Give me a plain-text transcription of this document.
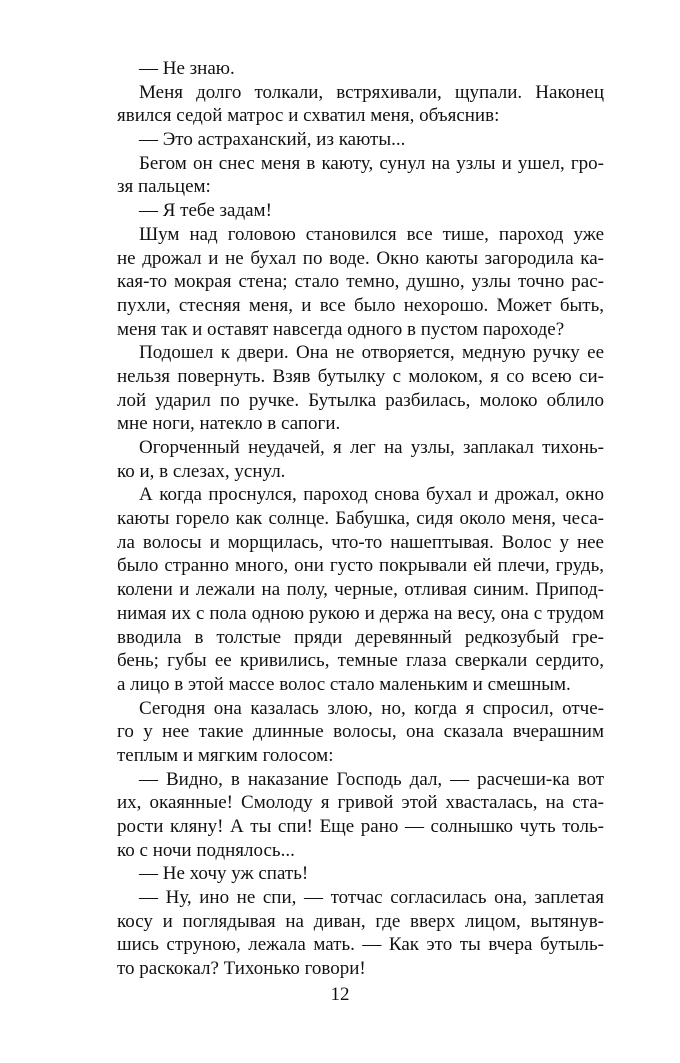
— Не знаю.
Меня долго толкали, встряхивали, щупали. Наконец
явился седой матрос и схватил меня, объяснив:
— Это астраханский, из каюты...
Бегом он снес меня в каюту, сунул на узлы и ушел, гро-
зя пальцем:
— Я тебе задам!
Шум над головою становился все тише, пароход уже
не дрожал и не бухал по воде. Окно каюты загородила ка-
кая-то мокрая стена; стало темно, душно, узлы точно рас-
пухли, стесняя меня, и все было нехорошо. Может быть,
меня так и оставят навсегда одного в пустом пароходе?
Подошел к двери. Она не отворяется, медную ручку ее
нельзя повернуть. Взяв бутылку с молоком, я со всею си-
лой ударил по ручке. Бутылка разбилась, молоко облило
мне ноги, натекло в сапоги.
Огорченный неудачей, я лег на узлы, заплакал тихонь-
ко и, в слезах, уснул.
А когда проснулся, пароход снова бухал и дрожал, окно
каюты горело как солнце. Бабушка, сидя около меня, чеса-
ла волосы и морщилась, что-то нашептывая. Волос у нее
было странно много, они густо покрывали ей плечи, грудь,
колени и лежали на полу, черные, отливая синим. Припод-
нимая их с пола одною рукою и держа на весу, она с трудом
вводила в толстые пряди деревянный редкозубый гре-
бень; губы ее кривились, темные глаза сверкали сердито,
а лицо в этой массе волос стало маленьким и смешным.
Сегодня она казалась злою, но, когда я спросил, отче-
го у нее такие длинные волосы, она сказала вчерашним
теплым и мягким голосом:
— Видно, в наказание Господь дал, — расчеши-ка вот
их, окаянные! Смолоду я гривой этой хвасталась, на ста-
рости кляну! А ты спи! Еще рано — солнышко чуть толь-
ко с ночи поднялось...
— Не хочу уж спать!
— Ну, ино не спи, — тотчас согласилась она, заплетая
косу и поглядывая на диван, где вверх лицом, вытянув-
шись струною, лежала мать. — Как это ты вчера бутыль-
то раскокал? Тихонько говори!
12
